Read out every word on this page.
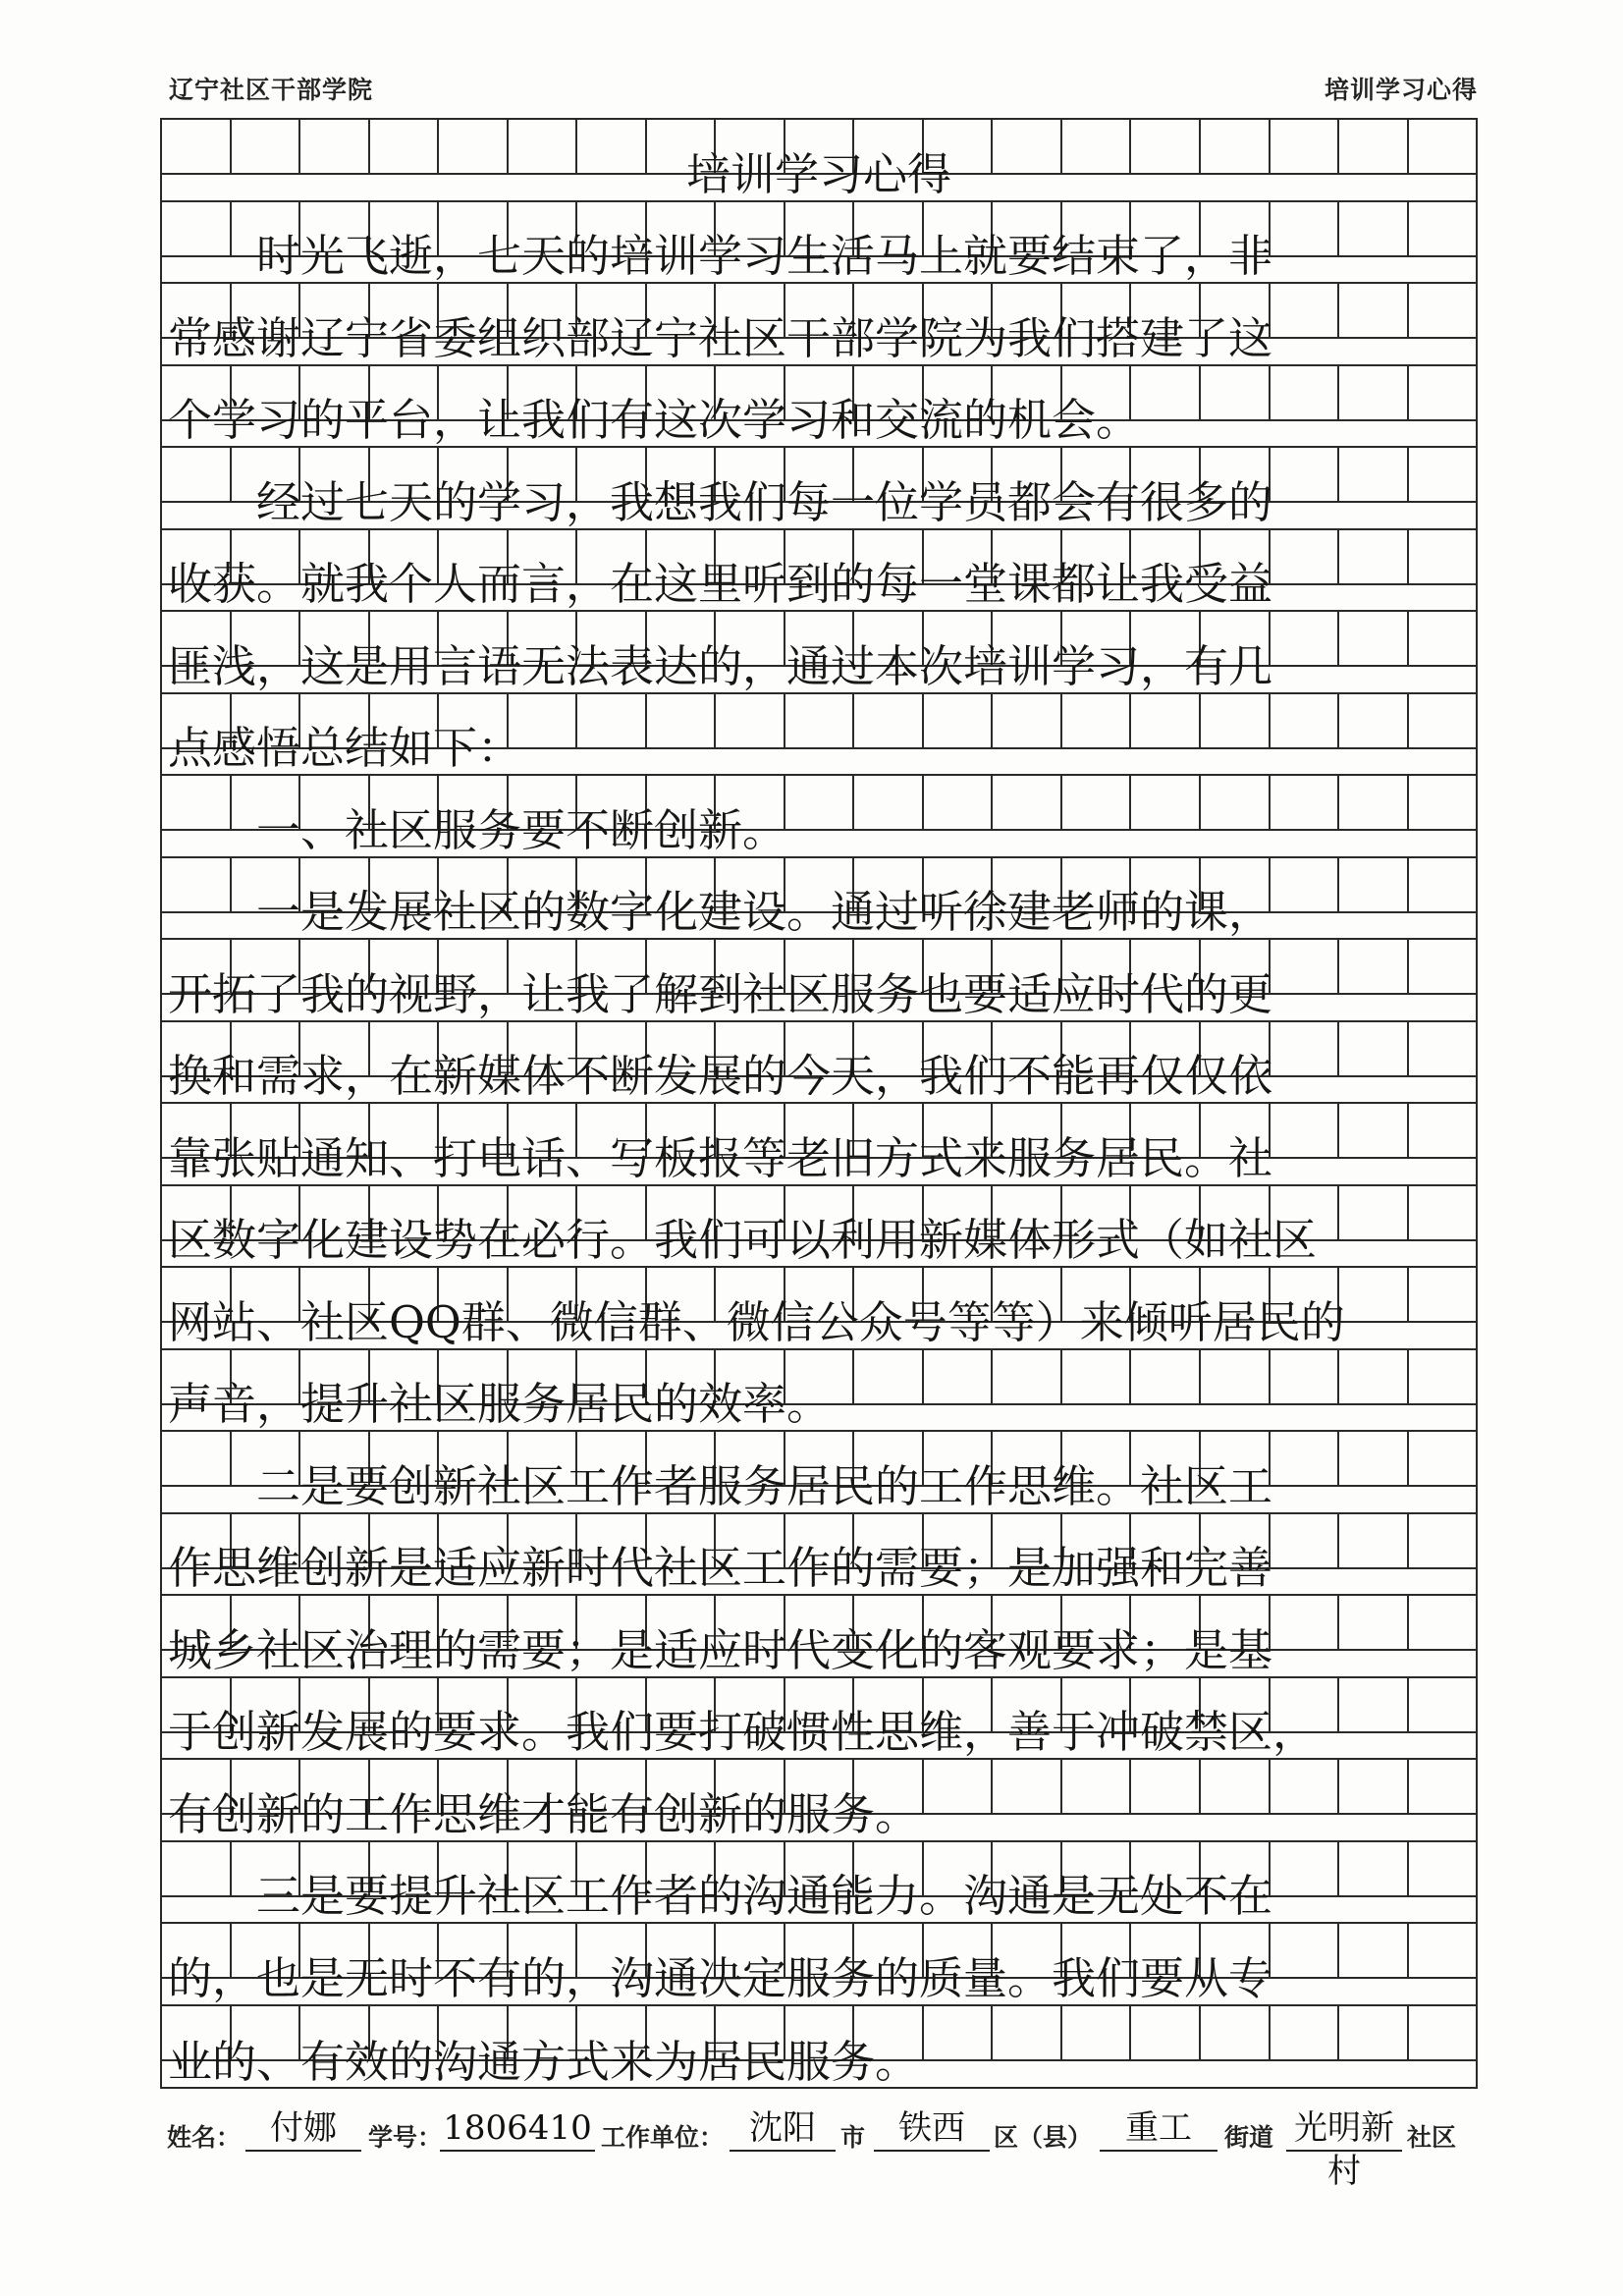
辽宁社区干部学院	培训学习心得
培训学习心得
　　时光飞逝，七天的培训学习生活马上就要结束了，非
常感谢辽宁省委组织部辽宁社区干部学院为我们搭建了这
个学习的平台，让我们有这次学习和交流的机会。
　　经过七天的学习，我想我们每一位学员都会有很多的
收获。就我个人而言，在这里听到的每一堂课都让我受益
匪浅，这是用言语无法表达的，通过本次培训学习，有几
点感悟总结如下：
　　一、社区服务要不断创新。
　　一是发展社区的数字化建设。通过听徐建老师的课，
开拓了我的视野，让我了解到社区服务也要适应时代的更
换和需求，在新媒体不断发展的今天，我们不能再仅仅依
靠张贴通知、打电话、写板报等老旧方式来服务居民。社
区数字化建设势在必行。我们可以利用新媒体形式（如社区
网站、社区QQ群、微信群、微信公众号等等）来倾听居民的
声音，提升社区服务居民的效率。
　　二是要创新社区工作者服务居民的工作思维。社区工
作思维创新是适应新时代社区工作的需要；是加强和完善
城乡社区治理的需要；是适应时代变化的客观要求；是基
于创新发展的要求。我们要打破惯性思维，善于冲破禁区，
有创新的工作思维才能有创新的服务。
　　三是要提升社区工作者的沟通能力。沟通是无处不在
的，也是无时不有的，沟通决定服务的质量。我们要从专
业的、有效的沟通方式来为居民服务。
姓名： 付娜	学号： 1806410 工作单位： 沈阳	市 铁西	区（县） 重工	街道 光明新村
社区
